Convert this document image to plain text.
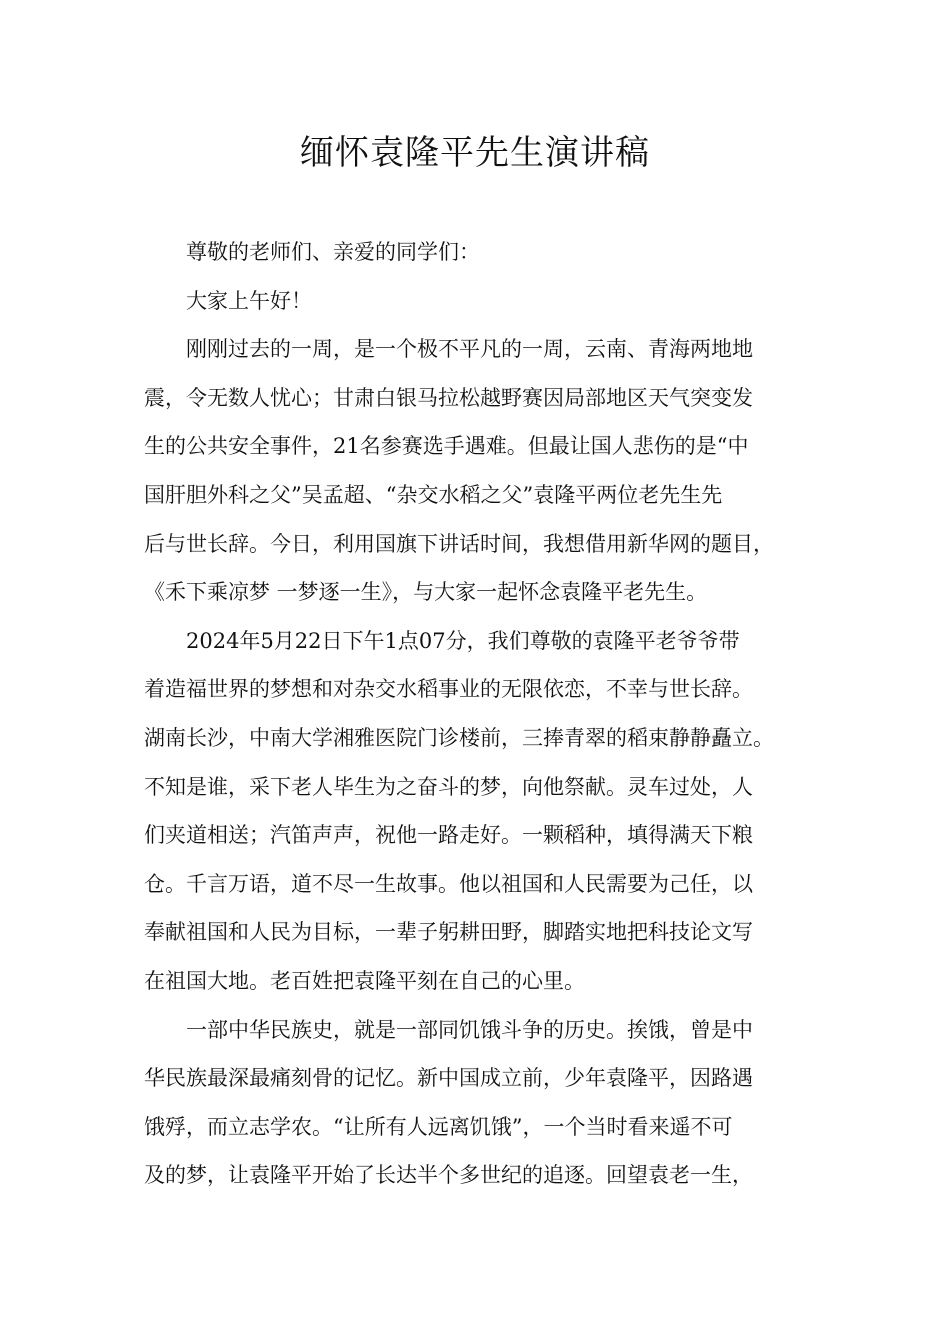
缅怀袁隆平先生演讲稿

尊敬的老师们、亲爱的同学们：

大家上午好！

刚刚过去的一周，是一个极不平凡的一周，云南、青海两地地
震，令无数人忧心；甘肃白银马拉松越野赛因局部地区天气突变发
生的公共安全事件，21名参赛选手遇难。但最让国人悲伤的是“中
国肝胆外科之父”吴孟超、“杂交水稻之父”袁隆平两位老先生先
后与世长辞。今日，利用国旗下讲话时间，我想借用新华网的题目，
《禾下乘凉梦 一梦逐一生》，与大家一起怀念袁隆平老先生。

2024年5月22日下午1点07分，我们尊敬的袁隆平老爷爷带
着造福世界的梦想和对杂交水稻事业的无限依恋，不幸与世长辞。
湖南长沙，中南大学湘雅医院门诊楼前，三捧青翠的稻束静静矗立。
不知是谁，采下老人毕生为之奋斗的梦，向他祭献。灵车过处，人
们夹道相送；汽笛声声，祝他一路走好。一颗稻种，填得满天下粮
仓。千言万语，道不尽一生故事。他以祖国和人民需要为己任，以
奉献祖国和人民为目标，一辈子躬耕田野，脚踏实地把科技论文写
在祖国大地。老百姓把袁隆平刻在自己的心里。

一部中华民族史，就是一部同饥饿斗争的历史。挨饿，曾是中
华民族最深最痛刻骨的记忆。新中国成立前，少年袁隆平，因路遇
饿殍，而立志学农。“让所有人远离饥饿”，一个当时看来遥不可
及的梦，让袁隆平开始了长达半个多世纪的追逐。回望袁老一生，
